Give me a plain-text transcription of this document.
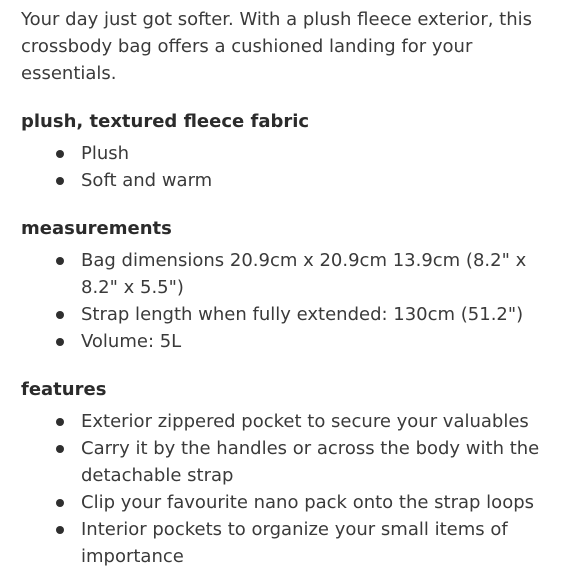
Your day just got softer. With a plush fleece exterior, this crossbody bag offers a cushioned landing for your essentials.

plush, textured fleece fabric
Plush
Soft and warm
measurements
Bag dimensions 20.9cm x 20.9cm 13.9cm (8.2" x 8.2" x 5.5")
Strap length when fully extended: 130cm (51.2")
Volume: 5L
features
Exterior zippered pocket to secure your valuables
Carry it by the handles or across the body with the detachable strap
Clip your favourite nano pack onto the strap loops
Interior pockets to organize your small items of importance
